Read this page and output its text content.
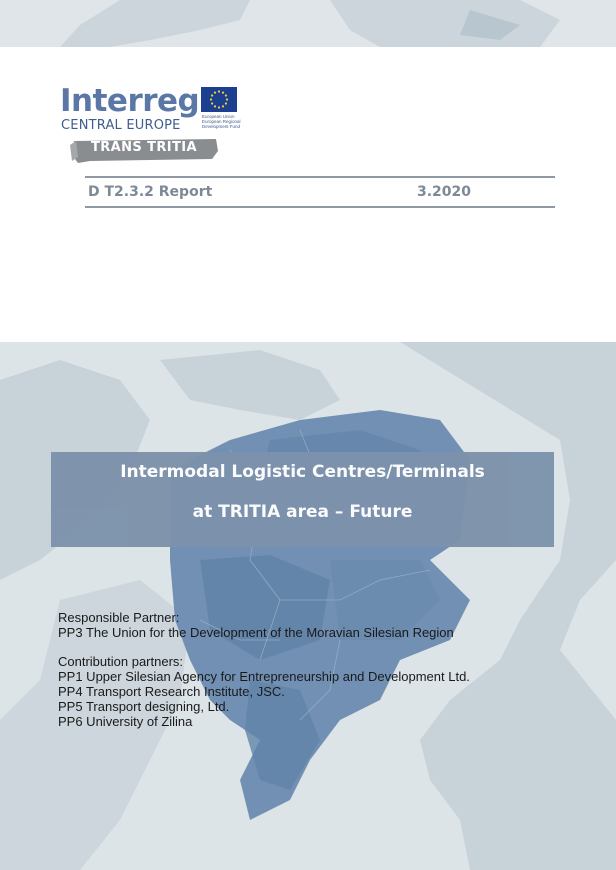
Interreg
CENTRAL EUROPE
European Union
European Regional
Development Fund
TRANS TRITIA
D T2.3.2 Report	3.2020
Intermodal Logistic Centres/Terminals
at TRITIA area – Future
Responsible Partner:
PP3 The Union for the Development of the Moravian Silesian Region
Contribution partners:
PP1 Upper Silesian Agency for Entrepreneurship and Development Ltd.
PP4 Transport Research Institute, JSC.
PP5 Transport designing, Ltd.
PP6 University of Zilina
